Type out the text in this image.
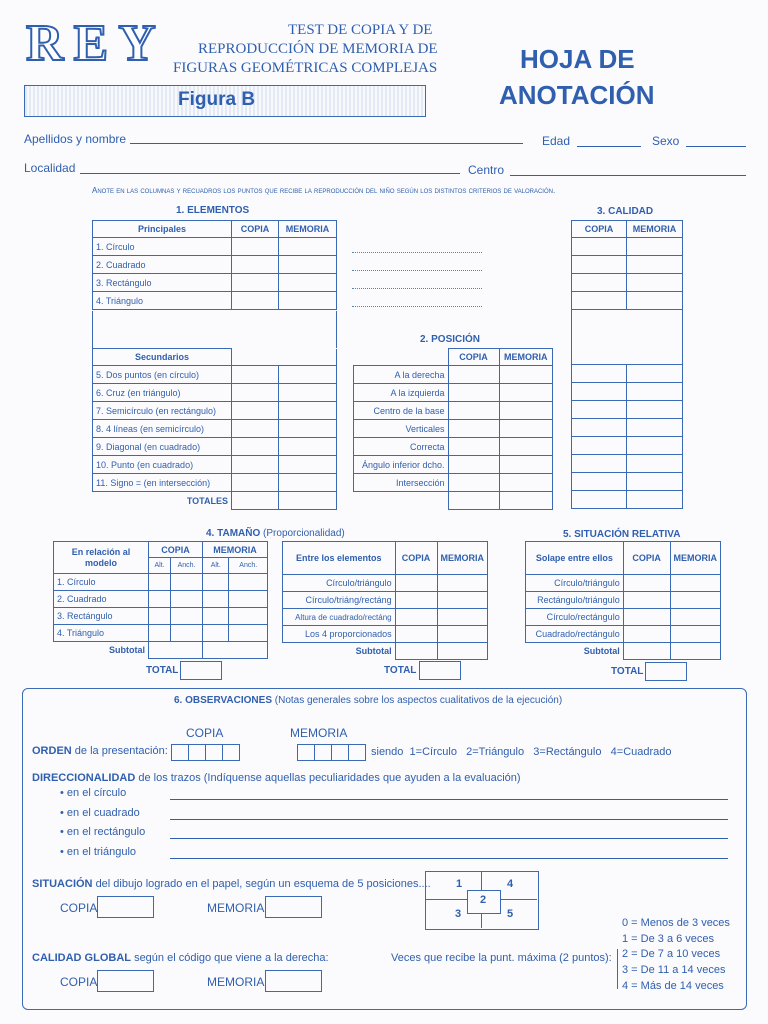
REY	TEST DE COPIA Y DE
REPRODUCCIÓN DE MEMORIA DE
FIGURAS GEOMÉTRICAS COMPLEJAS
Figura B
HOJA DE
ANOTACIÓN
Apellidos y nombre	Edad	Sexo
Localidad	Centro
Anote en las columnas y recuadros los puntos que recibe la reproducción del niño según los distintos criterios de valoración.
1. ELEMENTOS
Principales	COPIA	MEMORIA
1. Círculo		
2. Cuadrado		
3. Rectángulo		
4. Triángulo		
Secundarios		
5. Dos puntos (en círculo)		
6. Cruz (en triángulo)		
7. Semicírculo (en rectángulo)		
8. 4 líneas (en semicírculo)		
9. Diagonal (en cuadrado)		
10. Punto (en cuadrado)		
11. Signo = (en intersección)		
TOTALES		
2. POSICIÓN
	COPIA	MEMORIA
A la derecha		
A la izquierda		
Centro de la base		
Verticales		
Correcta		
Ángulo inferior dcho.		
Intersección		

3. CALIDAD
COPIA	MEMORIA

4. TAMAÑO (Proporcionalidad)
En relación al
modelo	COPIA		MEMORIA	
	Alt.	Anch.	Alt.	Anch.
1. Círculo				
2. Cuadrado				
3. Rectángulo				
4. Triángulo				
Subtotal				
TOTAL
Entre los elementos	COPIA	MEMORIA
Círculo/triángulo		
Círculo/triáng/rectáng		
Altura de cuadrado/rectáng		
Los 4 proporcionados		
Subtotal		
TOTAL
5. SITUACIÓN RELATIVA
Solape entre ellos	COPIA	MEMORIA
Círculo/triángulo		
Rectángulo/triángulo		
Círculo/rectángulo		
Cuadrado/rectángulo		
Subtotal		
TOTAL
6. OBSERVACIONES (Notas generales sobre los aspectos cualitativos de la ejecución)
COPIA	MEMORIA
ORDEN de la presentación:	siendo 1=Círculo 2=Triángulo 3=Rectángulo 4=Cuadrado
DIRECCIONALIDAD de los trazos (Indíquense aquellas peculiaridades que ayuden a la evaluación)
• en el círculo
• en el cuadrado
• en el rectángulo
• en el triángulo
SITUACIÓN del dibujo logrado en el papel, según un esquema de 5 posiciones....
COPIA	MEMORIA
1	4
2
3	5
CALIDAD GLOBAL según el código que viene a la derecha:	Veces que recibe la punt. máxima (2 puntos):
COPIA	MEMORIA
0 = Menos de 3 veces
1 = De 3 a 6 veces
2 = De 7 a 10 veces
3 = De 11 a 14 veces
4 = Más de 14 veces
